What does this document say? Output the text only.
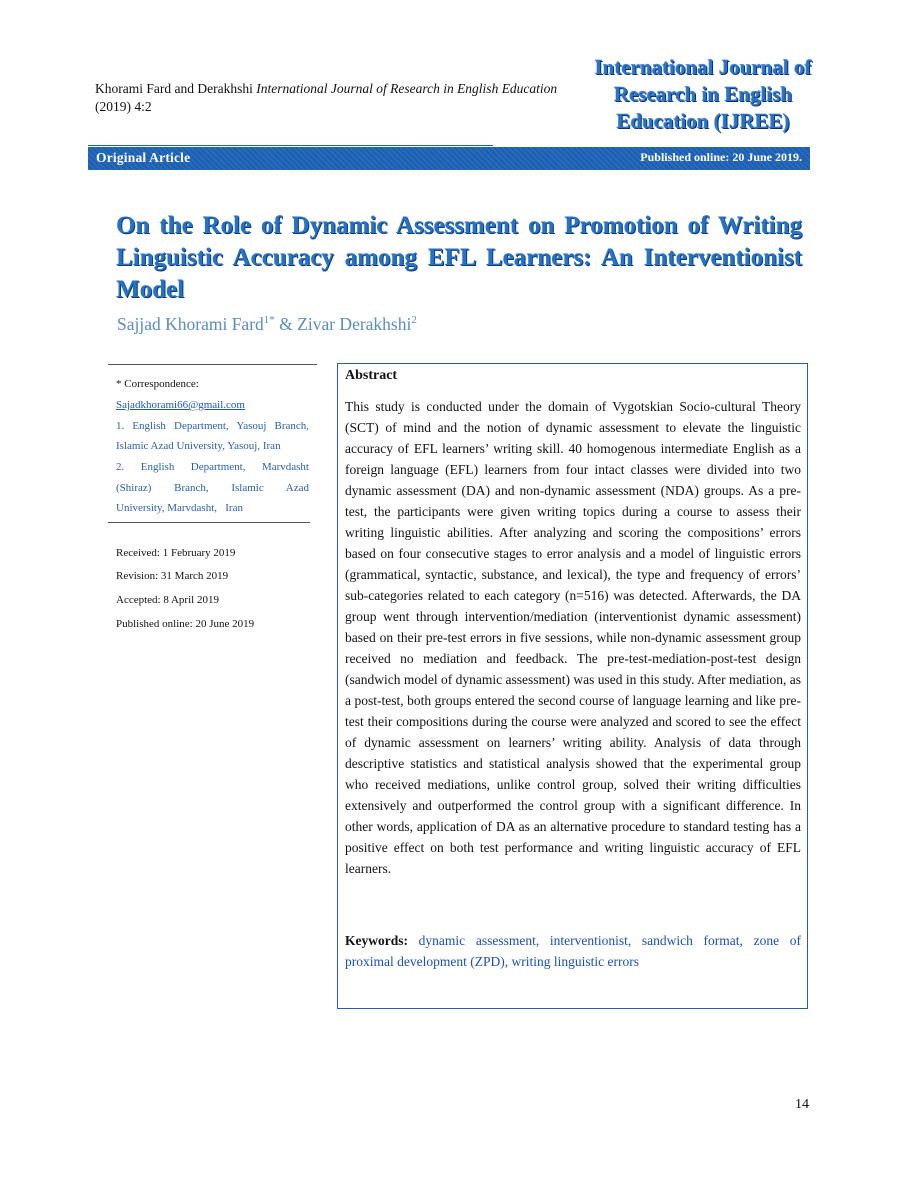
Khorami Fard and Derakhshi International Journal of Research in English Education (2019) 4:2
International Journal of
Research in English
Education (IJREE)
Original Article	Published online: 20 June 2019.
On the Role of Dynamic Assessment on Promotion of Writing Linguistic Accuracy among EFL Learners: An Interventionist Model
Sajjad Khorami Fard$^{1*}$ & Zivar Derakhshi$^2$
* Correspondence:
Sajadkhorami66@gmail.com
1. English Department, Yasouj Branch,
Islamic Azad University, Yasouj, Iran
2.  English  Department,  Marvdasht
(Shiraz)     Branch,     Islamic     Azad
University, Marvdasht,   Iran
Received: 1 February 2019
Revision: 31 March 2019
Accepted: 8 April 2019
Published online: 20 June 2019
Abstract
This study is conducted under the domain of Vygotskian Socio-cultural Theory (SCT) of mind and the notion of dynamic assessment to elevate the linguistic accuracy of EFL learners’ writing skill. 40 homogenous intermediate English as a foreign language (EFL) learners from four intact classes were divided into two dynamic assessment (DA) and non-dynamic assessment (NDA) groups. As a pre-test, the participants were given writing topics during a course to assess their writing linguistic abilities. After analyzing and scoring the compositions’ errors based on four consecutive stages to error analysis and a model of linguistic errors (grammatical, syntactic, substance, and lexical), the type and frequency of errors’ sub-categories related to each category (n=516) was detected. Afterwards, the DA group went through intervention/mediation (interventionist dynamic assessment) based on their pre-test errors in five sessions, while non-dynamic assessment group received no mediation and feedback. The pre-test-mediation-post-test design (sandwich model of dynamic assessment) was used in this study. After mediation, as a post-test, both groups entered the second course of language learning and like pre-test their compositions during the course were analyzed and scored to see the effect of dynamic assessment on learners’ writing ability. Analysis of data through descriptive statistics and statistical analysis showed that the experimental group who received mediations, unlike control group, solved their writing difficulties extensively and outperformed the control group with a significant difference. In other words, application of DA as an alternative procedure to standard testing has a positive effect on both test performance and writing linguistic accuracy of EFL learners.
Keywords: dynamic assessment, interventionist, sandwich format, zone of proximal development (ZPD), writing linguistic errors
14
